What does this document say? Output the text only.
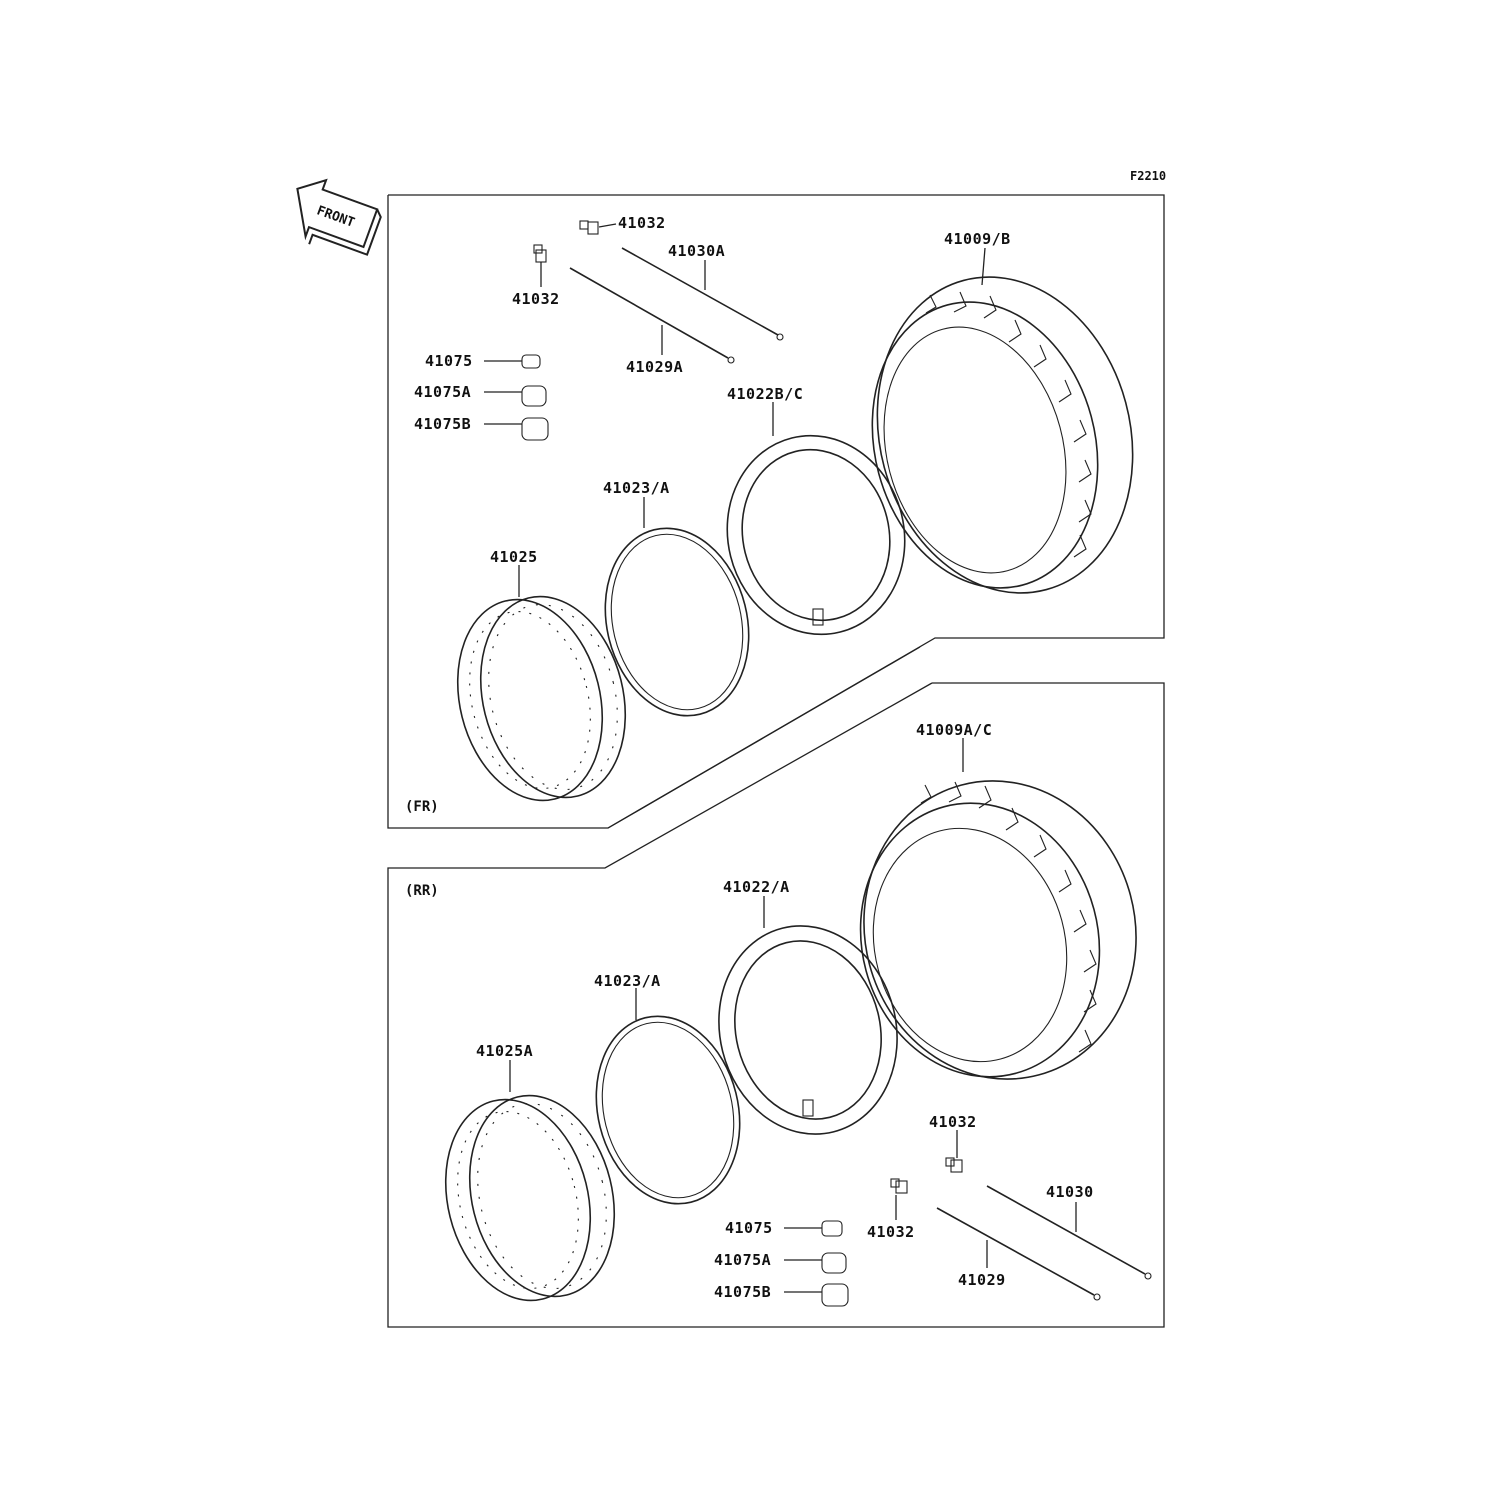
F2210
FRONT
(FR)
(RR)
41009/B
41022B/C
41023/A
41025
41032
41032
41030A
41029A
41075
41075A
41075B
41009A/C
41022/A
41023/A
41025A
41032
41032
41030
41029
41075
41075A
41075B
